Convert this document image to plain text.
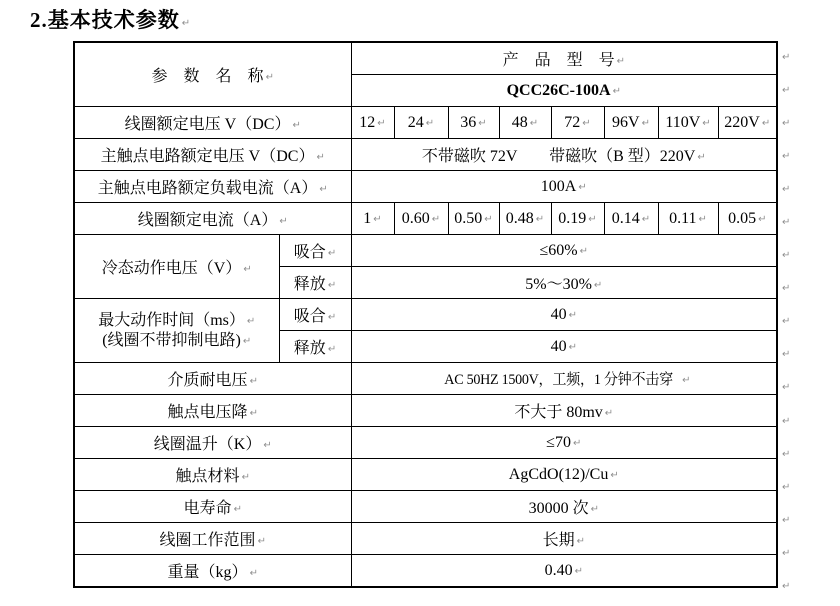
2.基本技术参数 ↵
参　数　名　称 ↵		产　品　型　号 ↵							
		QCC26C-100A ↵							
线圈额定电压 V（DC） ↵		12 ↵	24 ↵	36 ↵	48 ↵	72 ↵	96V ↵	110V ↵	220V ↵
主触点电路额定电压 V（DC） ↵		不带磁吹 72V　　带磁吹（B 型）220V ↵							
主触点电路额定负载电流（A） ↵		100A ↵							
线圈额定电流（A） ↵		1 ↵	0.60 ↵	0.50 ↵	0.48 ↵	0.19 ↵	0.14 ↵	0.11 ↵	0.05 ↵
冷态动作电压（V） ↵	吸合 ↵	≤60% ↵							
	释放 ↵	5%～30% ↵							
最大动作时间（ms） ↵
(线圈不带抑制电路) ↵	吸合 ↵	40 ↵							
	释放 ↵	40 ↵							
介质耐电压 ↵		AC 50HZ 1500V，工频，1 分钟不击穿 ↵							
触点电压降 ↵		不大于 80mv ↵							
线圈温升（K） ↵		≤70 ↵							
触点材料 ↵		AgCdO(12)/Cu ↵							
电寿命 ↵		30000 次 ↵							
线圈工作范围 ↵		长期 ↵							
重量（kg） ↵		0.40 ↵							
↵
↵
↵
↵
↵
↵
↵
↵
↵
↵
↵
↵
↵
↵
↵
↵
↵
